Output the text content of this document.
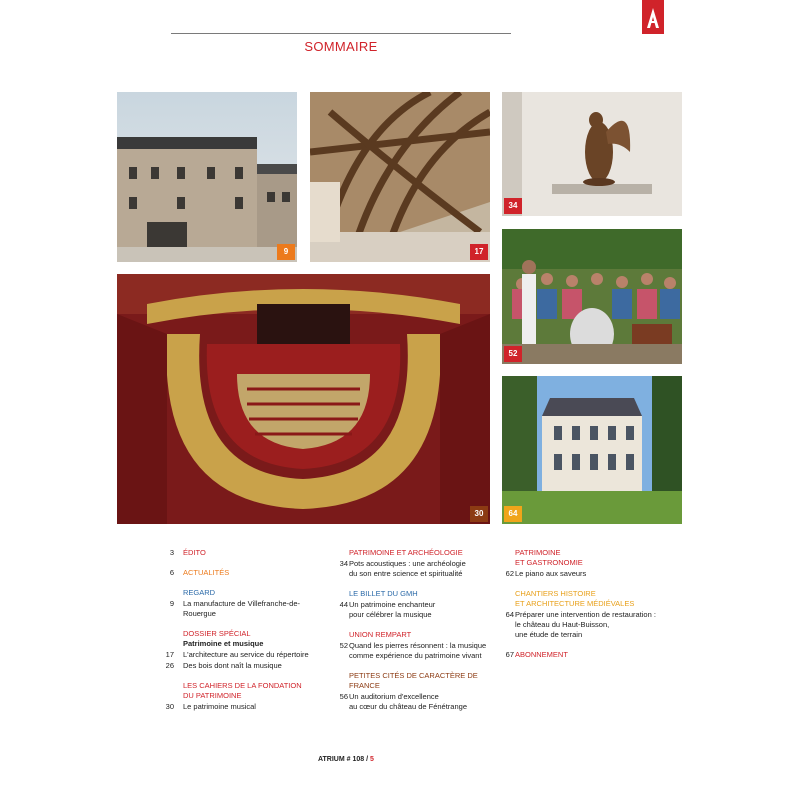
SOMMAIRE
9	17
34
30
52
64
3 ÉDITO
6 ACTUALITÉS
REGARD
9 La manufacture de Villefranche-de-Rouergue
DOSSIER SPÉCIAL
Patrimoine et musique
17 L'architecture au service du répertoire
26 Des bois dont naît la musique
LES CAHIERS DE LA FONDATION
DU PATRIMOINE
30 Le patrimoine musical
PATRIMOINE ET ARCHÉOLOGIE
34 Pots acoustiques : une archéologie
du son entre science et spiritualité
LE BILLET DU GMH
44 Un patrimoine enchanteur
pour célébrer la musique
UNION REMPART
52 Quand les pierres résonnent : la musique
comme expérience du patrimoine vivant
PETITES CITÉS DE CARACTÈRE DE FRANCE
56 Un auditorium d'excellence
au cœur du château de Fénétrange
PATRIMOINE
ET GASTRONOMIE
62 Le piano aux saveurs
CHANTIERS HISTOIRE
ET ARCHITECTURE MÉDIÉVALES
64 Préparer une intervention de restauration :
le château du Haut-Buisson,
une étude de terrain
67 ABONNEMENT
ATRIUM # 108 / 5
